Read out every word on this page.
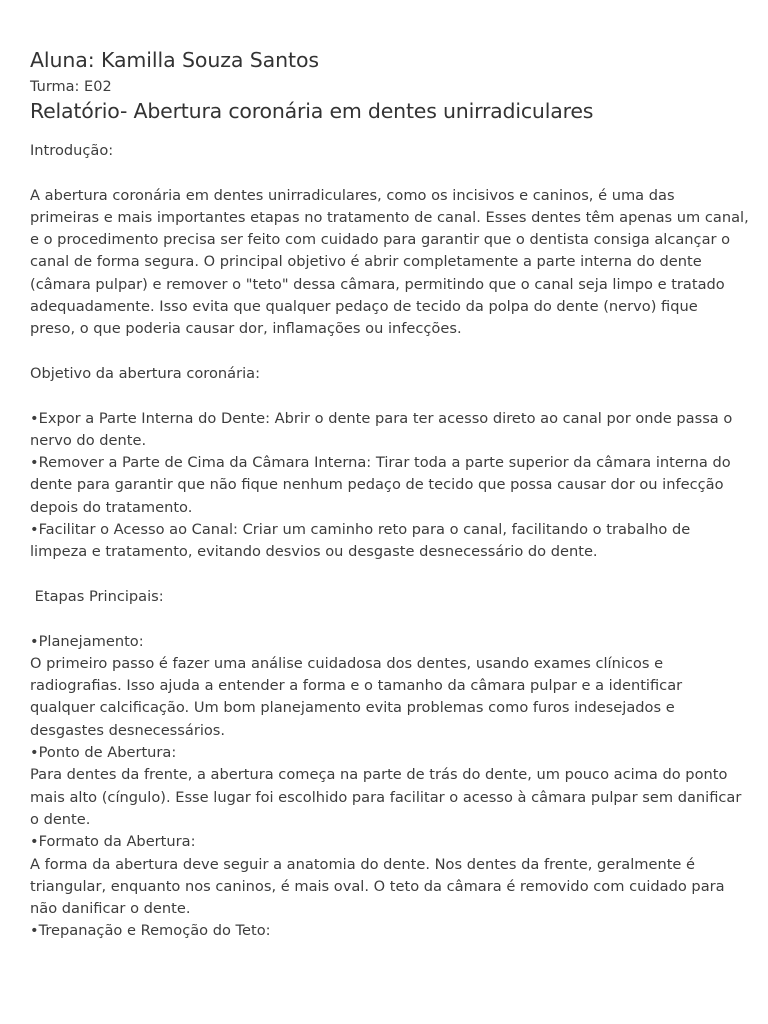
Aluna: Kamilla Souza Santos

Turma: E02

Relatório- Abertura coronária em dentes unirradiculares
Introdução:
A abertura coronária em dentes unirradiculares, como os incisivos e caninos, é uma das
primeiras e mais importantes etapas no tratamento de canal. Esses dentes têm apenas um canal,
e o procedimento precisa ser feito com cuidado para garantir que o dentista consiga alcançar o
canal de forma segura. O principal objetivo é abrir completamente a parte interna do dente
(câmara pulpar) e remover o "teto" dessa câmara, permitindo que o canal seja limpo e tratado
adequadamente. Isso evita que qualquer pedaço de tecido da polpa do dente (nervo) fique
preso, o que poderia causar dor, inflamações ou infecções.
Objetivo da abertura coronária:
•Expor a Parte Interna do Dente: Abrir o dente para ter acesso direto ao canal por onde passa o
nervo do dente.
•Remover a Parte de Cima da Câmara Interna: Tirar toda a parte superior da câmara interna do
dente para garantir que não fique nenhum pedaço de tecido que possa causar dor ou infecção
depois do tratamento.
•Facilitar o Acesso ao Canal: Criar um caminho reto para o canal, facilitando o trabalho de
limpeza e tratamento, evitando desvios ou desgaste desnecessário do dente.
Etapas Principais:
•Planejamento:
O primeiro passo é fazer uma análise cuidadosa dos dentes, usando exames clínicos e
radiografias. Isso ajuda a entender a forma e o tamanho da câmara pulpar e a identificar
qualquer calcificação. Um bom planejamento evita problemas como furos indesejados e
desgastes desnecessários.
•Ponto de Abertura:
Para dentes da frente, a abertura começa na parte de trás do dente, um pouco acima do ponto
mais alto (cíngulo). Esse lugar foi escolhido para facilitar o acesso à câmara pulpar sem danificar
o dente.
•Formato da Abertura:
A forma da abertura deve seguir a anatomia do dente. Nos dentes da frente, geralmente é
triangular, enquanto nos caninos, é mais oval. O teto da câmara é removido com cuidado para
não danificar o dente.
•Trepanação e Remoção do Teto:
